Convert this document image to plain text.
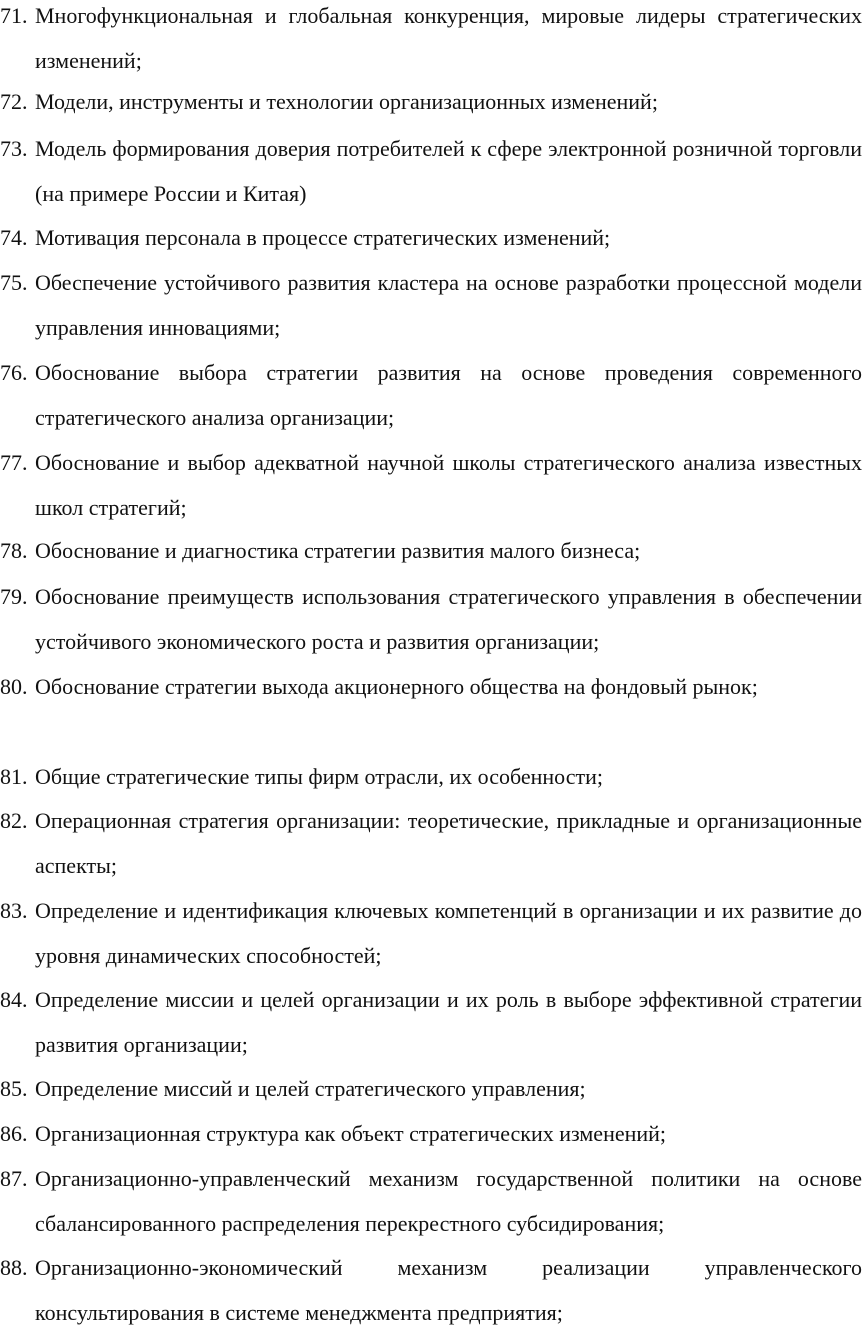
71. Многофункциональная и глобальная конкуренция, мировые лидеры стратегических изменений;
72. Модели, инструменты и технологии организационных изменений;
73. Модель формирования доверия потребителей к сфере электронной розничной торговли (на примере России и Китая)
74. Мотивация персонала в процессе стратегических изменений;
75. Обеспечение устойчивого развития кластера на основе разработки процессной модели управления инновациями;
76. Обоснование выбора стратегии развития на основе проведения современного стратегического анализа организации;
77. Обоснование и выбор адекватной научной школы стратегического анализа известных школ стратегий;
78. Обоснование и диагностика стратегии развития малого бизнеса;
79. Обоснование преимуществ использования стратегического управления в обеспечении устойчивого экономического роста и развития организации;
80. Обоснование стратегии выхода акционерного общества на фондовый рынок;
81. Общие стратегические типы фирм отрасли, их особенности;
82. Операционная стратегия организации: теоретические, прикладные и организационные аспекты;
83. Определение и идентификация ключевых компетенций в организации и их развитие до уровня динамических способностей;
84. Определение миссии и целей организации и их роль в выборе эффективной стратегии развития организации;
85. Определение миссий и целей стратегического управления;
86. Организационная структура как объект стратегических изменений;
87. Организационно-управленческий механизм государственной политики на основе сбалансированного распределения перекрестного субсидирования;
88. Организационно-экономический механизм реализации управленческого консультирования в системе менеджмента предприятия;
